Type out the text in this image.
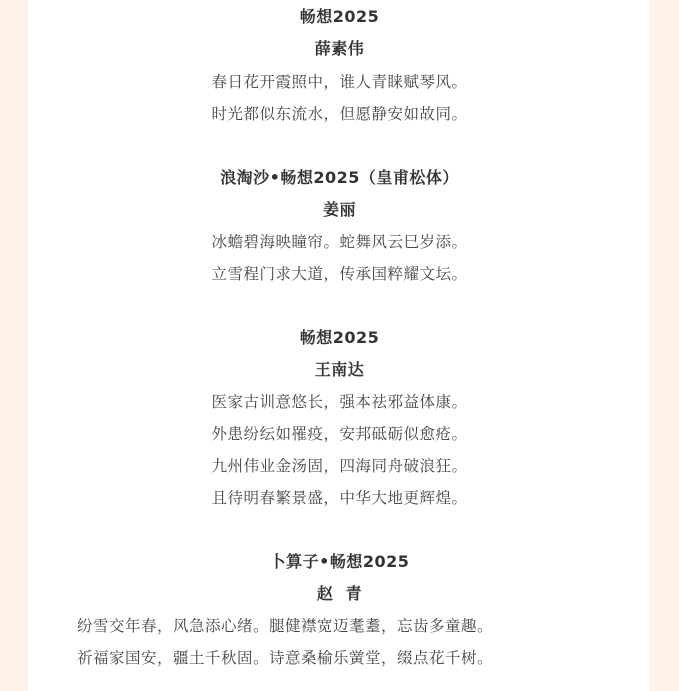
畅想2025
薛素伟
春日花开霞照中，谁人青睐赋琴风。
时光都似东流水，但愿静安如故同。
浪淘沙•畅想2025（皇甫松体）
姜丽
冰蟾碧海映瞳帘。蛇舞风云巳岁添。
立雪程门求大道，传承国粹耀文坛。
畅想2025
王南达
医家古训意悠长，强本祛邪益体康。
外患纷纭如罹疫，安邦砥砺似愈疮。
九州伟业金汤固，四海同舟破浪狂。
且待明春繁景盛，中华大地更辉煌。
卜算子•畅想2025
赵  青
纷雪交年春，风急添心绪。腿健襟宽迈耄耋，忘齿多童趣。
祈福家国安，疆土千秋固。诗意桑榆乐黉堂，缀点花千树。
